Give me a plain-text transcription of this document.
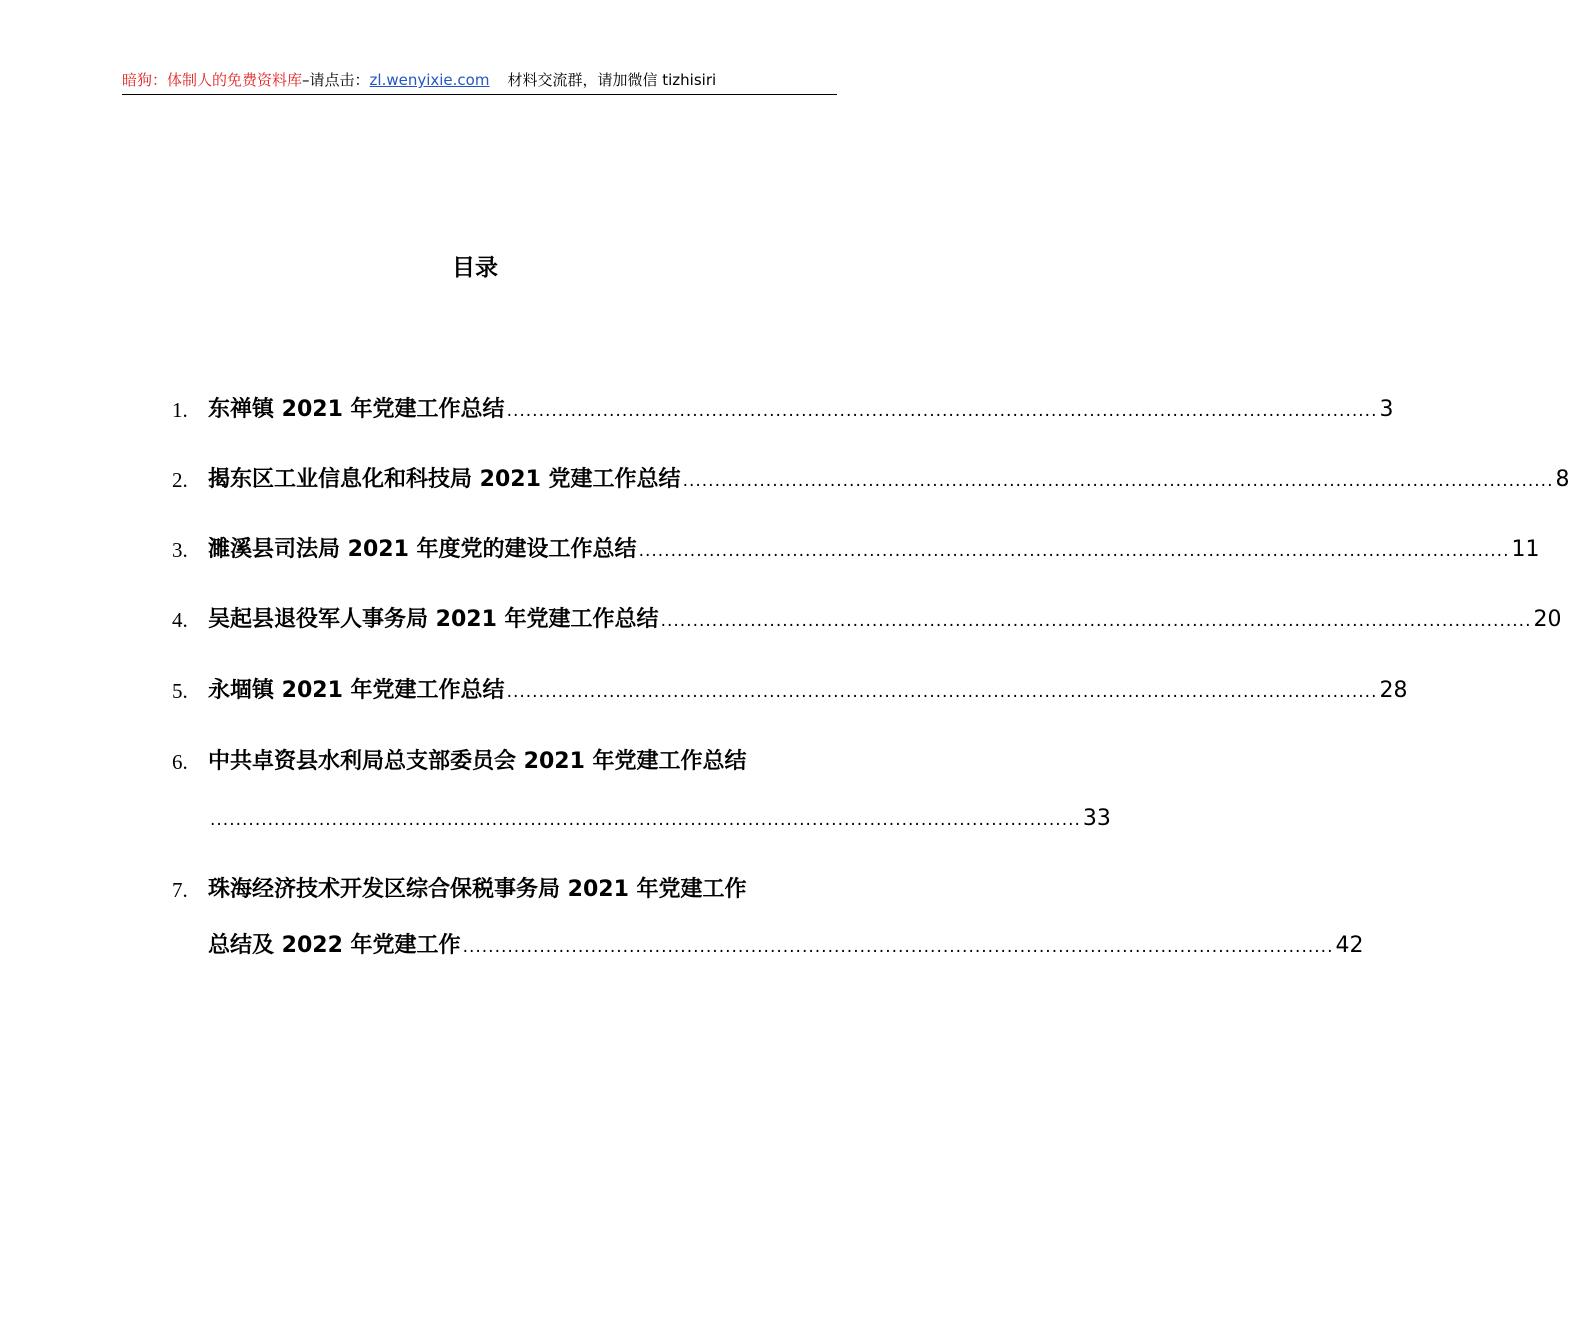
暗狗：体制人的免费资料库–请点击：zl.wenyixie.com 材料交流群，请加微信 tizhisiri
目录
1. 东禅镇 2021 年党建工作总结 ........................................................................................................................................ 3
2. 揭东区工业信息化和科技局 2021 党建工作总结 ........................................................................................................................................ 8
3. 濉溪县司法局 2021 年度党的建设工作总结 ........................................................................................................................................ 11
4. 吴起县退役军人事务局 2021 年党建工作总结 ........................................................................................................................................ 20
5. 永堌镇 2021 年党建工作总结 ........................................................................................................................................ 28
6. 中共卓资县水利局总支部委员会 2021 年党建工作总结
........................................................................................................................................ 33
7. 珠海经济技术开发区综合保税事务局 2021 年党建工作
总结及 2022 年党建工作 ........................................................................................................................................ 42
